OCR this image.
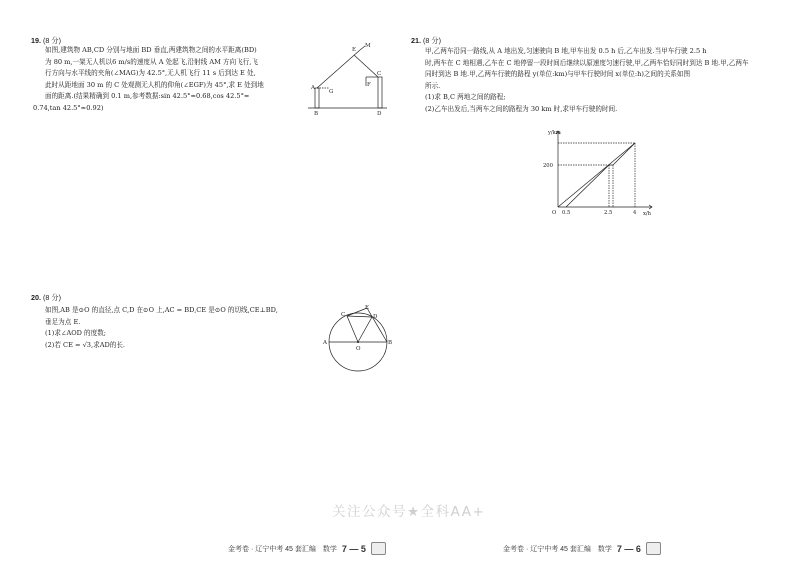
19. (8 分)

如图,建筑物 AB,CD 分别与地面 BD 垂直,两建筑物之间的水平距离(BD)

为 80 m,一架无人机以6 m/s的速度从 A 处起飞,沿射线 AM 方向飞行,飞

行方向与水平线的夹角(∠MAG)为 42.5°,无人机飞行 11 s 后到达 E 处,

此时从距地面 30 m 的 C 处观测无人机的仰角(∠EGF)为 45°,求 E 处到地

面的距离.(结果精确到 0.1 m,参考数据:sin 42.5°≈0.68,cos 42.5°≈

0.74,tan 42.5°≈0.92)

E
M
C
F
A
G
B	D
20. (8 分)

如图,AB 是⊙O 的直径,点 C,D 在⊙O 上,AC = BD,CE 是⊙O 的切线,CE⊥BD,

垂足为点 E.

(1)求∠AOD 的度数;

(2)若 CE = √3,求AD的长.

E
C	D
A
O
B
金考卷 · 辽宁中考 45 套汇编　数学 7 — 5
21. (8 分)

甲,乙两车沿同一路线,从 A 地出发,匀速驶向 B 地,甲车出发 0.5 h 后,乙车出发.当甲车行驶 2.5 h

时,两车在 C 地相遇,乙车在 C 地停留一段时间后继续以原速度匀速行驶,甲,乙两车恰好同时到达 B 地.甲,乙两车

同时到达 B 地.甲,乙两车行驶的路程 y(单位:km)与甲车行驶时间 x(单位:h)之间的关系如图

所示.

(1)求 B,C 两地之间的路程;

(2)乙车出发后,当两车之间的路程为 30 km 时,求甲车行驶的时间.

y/km
x/h
200
O 0.5	2.5	4
金考卷 · 辽宁中考 45 套汇编　数学 7 — 6
关注公众号★全科AA+
